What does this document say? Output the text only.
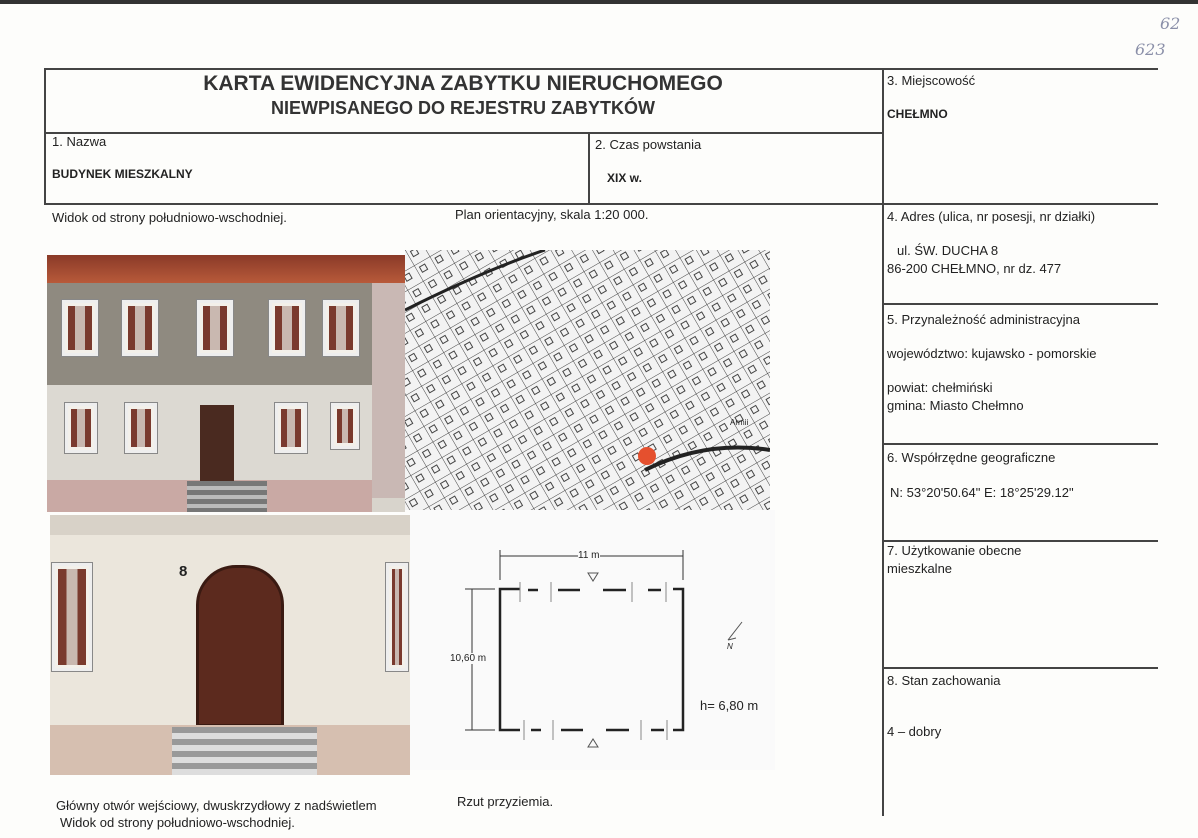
62
623
KARTA EWIDENCYJNA ZABYTKU NIERUCHOMEGO
NIEWPISANEGO DO REJESTRU ZABYTKÓW
1. Nazwa
BUDYNEK MIESZKALNY
2. Czas powstania
XIX w.
3. Miejscowość
CHEŁMNO
4. Adres (ulica, nr posesji, nr działki)
ul. ŚW. DUCHA 8
86-200 CHEŁMNO, nr dz. 477
5. Przynależność administracyjna
województwo: kujawsko - pomorskie
powiat: chełmiński
gmina: Miasto Chełmno
6. Współrzędne geograficzne
N: 53°20'50.64" E: 18°25'29.12"
7. Użytkowanie obecne
mieszkalne
8. Stan zachowania
4 – dobry
Widok od strony południowo-wschodniej.	Plan orientacyjny, skala 1:20 000.
Armii
8
11 m
10,60 m
h= 6,80 m
N
Główny otwór wejściowy, dwuskrzydłowy z nadświetlem
Widok od strony południowo-wschodniej.
Rzut przyziemia.
